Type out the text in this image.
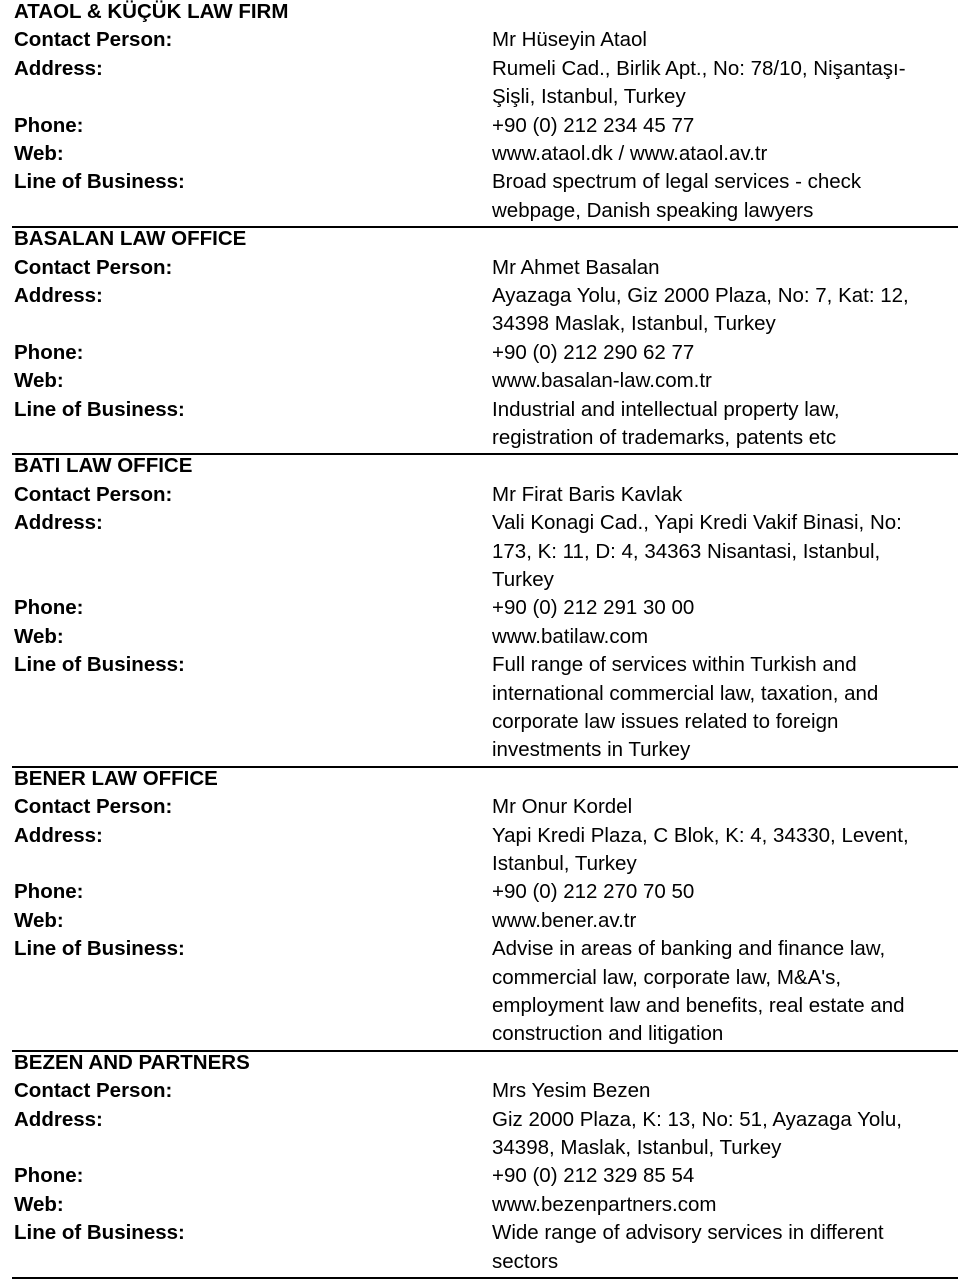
ATAOL & KÜÇÜK LAW FIRM
Contact Person:	Mr Hüseyin Ataol
Address:	Rumeli Cad., Birlik Apt., No: 78/10, Nişantaşı-
Şişli, Istanbul, Turkey
Phone:	+90 (0) 212 234 45 77
Web:	www.ataol.dk / www.ataol.av.tr
Line of Business:	Broad spectrum of legal services - check
webpage, Danish speaking lawyers
BASALAN LAW OFFICE
Contact Person:	Mr Ahmet Basalan
Address:	Ayazaga Yolu, Giz 2000 Plaza, No: 7, Kat: 12,
34398 Maslak, Istanbul, Turkey
Phone:	+90 (0) 212 290 62 77
Web:	www.basalan-law.com.tr
Line of Business:	Industrial and intellectual property law,
registration of trademarks, patents etc
BATI LAW OFFICE
Contact Person:	Mr Firat Baris Kavlak
Address:	Vali Konagi Cad., Yapi Kredi Vakif Binasi, No:
173, K: 11, D: 4, 34363 Nisantasi, Istanbul,
Turkey
Phone:	+90 (0) 212 291 30 00
Web:	www.batilaw.com
Line of Business:	Full range of services within Turkish and
international commercial law, taxation, and
corporate law issues related to foreign
investments in Turkey
BENER LAW OFFICE
Contact Person:	Mr Onur Kordel
Address:	Yapi Kredi Plaza, C Blok, K: 4, 34330, Levent,
Istanbul, Turkey
Phone:	+90 (0) 212 270 70 50
Web:	www.bener.av.tr
Line of Business:	Advise in areas of banking and finance law,
commercial law, corporate law, M&A's,
employment law and benefits, real estate and
construction and litigation
BEZEN AND PARTNERS
Contact Person:	Mrs Yesim Bezen
Address:	Giz 2000 Plaza, K: 13, No: 51, Ayazaga Yolu,
34398, Maslak, Istanbul, Turkey
Phone:	+90 (0) 212 329 85 54
Web:	www.bezenpartners.com
Line of Business:	Wide range of advisory services in different
sectors
